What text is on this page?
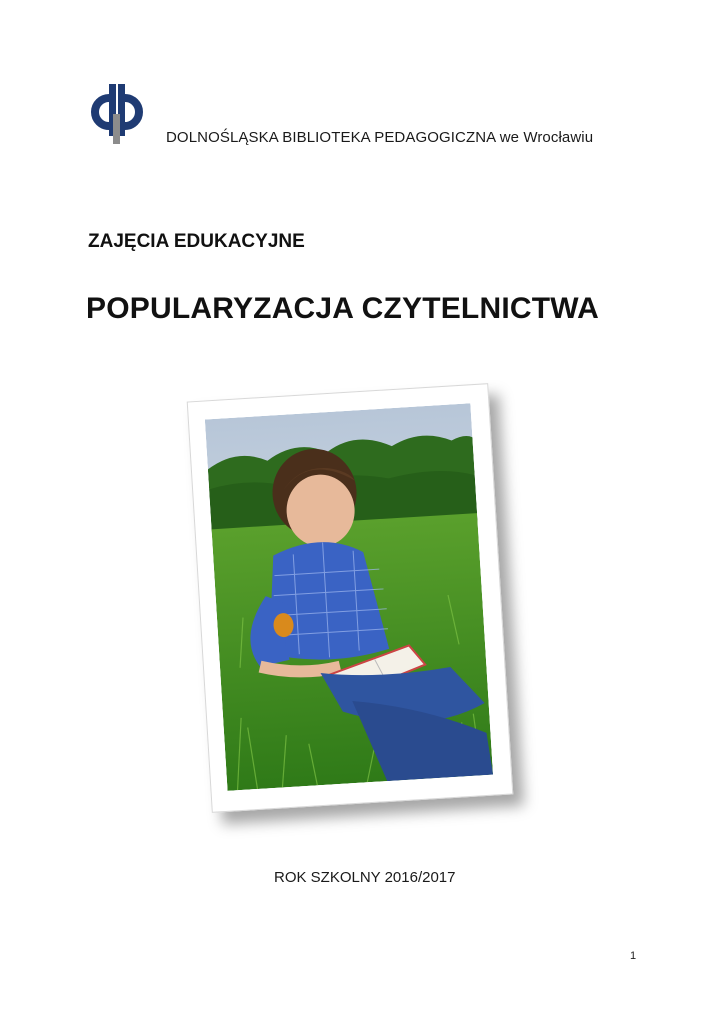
DOLNOŚLĄSKA BIBLIOTEKA PEDAGOGICZNA we Wrocławiu
ZAJĘCIA EDUKACYJNE
POPULARYZACJA CZYTELNICTWA
ROK SZKOLNY 2016/2017
1
